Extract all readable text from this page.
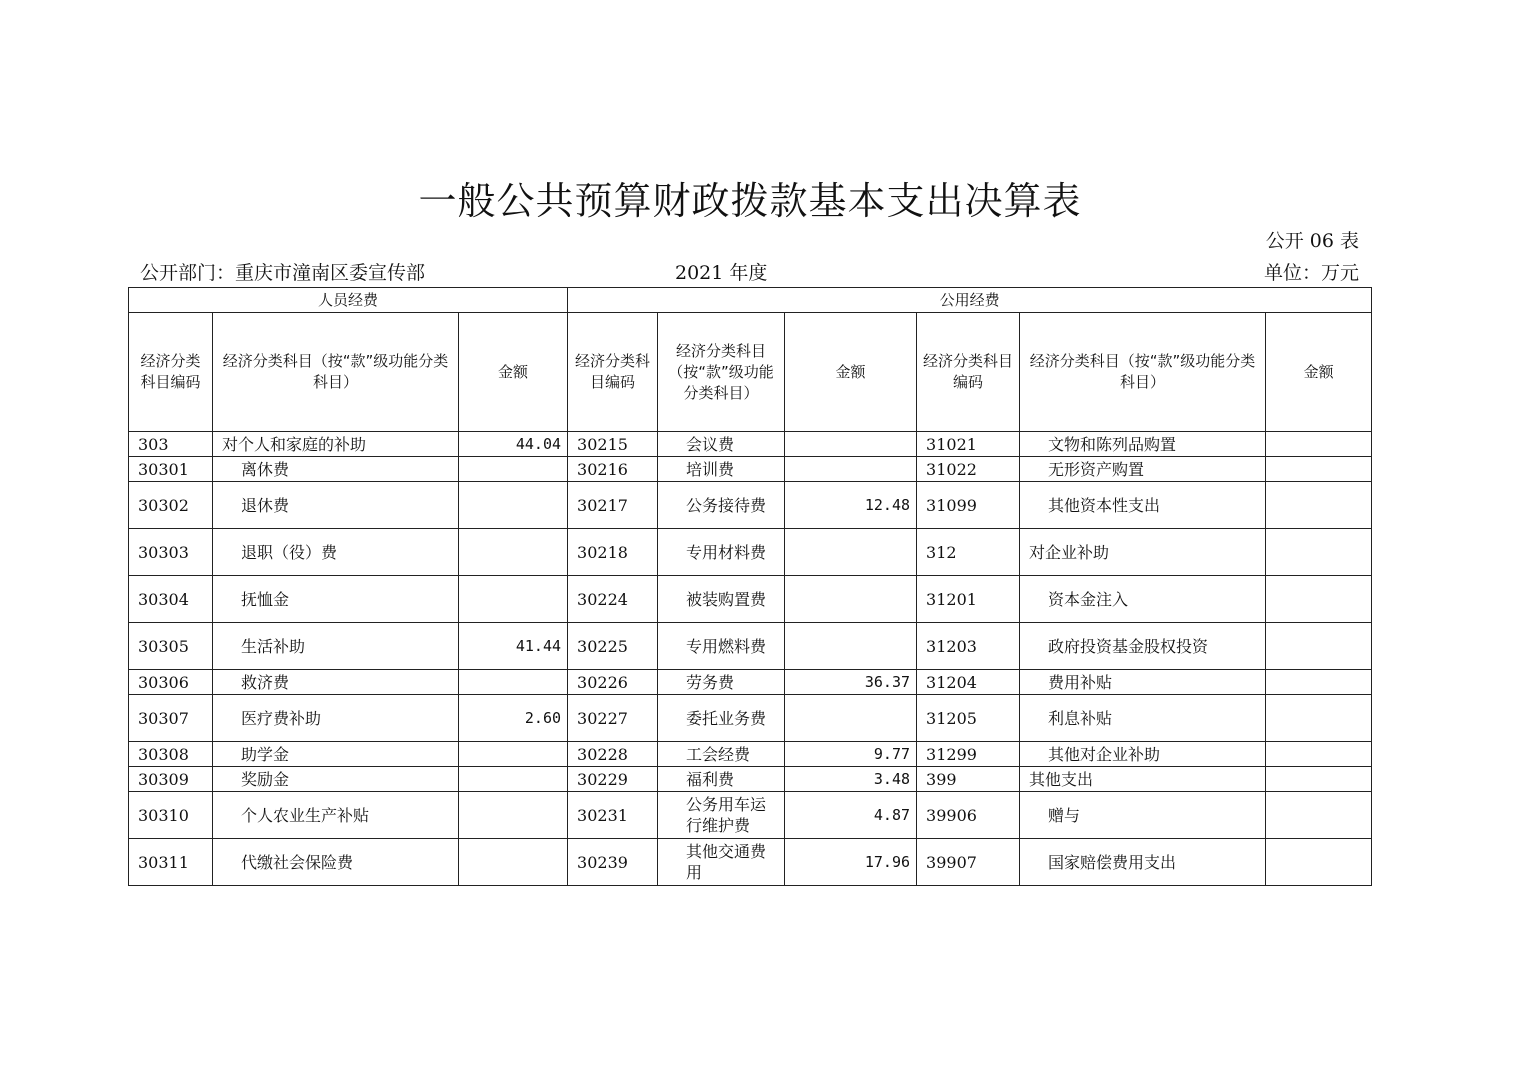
一般公共预算财政拨款基本支出决算表
公开 06 表
公开部门：重庆市潼南区委宣传部	2021 年度	单位：万元
人员经费			公用经费					
经济分类科目编码	经济分类科目（按“款”级功能分类科目）	金额	经济分类科目编码	经济分类科目（按“款”级功能分类科目）	金额	经济分类科目编码	经济分类科目（按“款”级功能分类科目）	金额
303	对个人和家庭的补助	44.04	30215	会议费		31021	文物和陈列品购置	
30301	离休费		30216	培训费		31022	无形资产购置	
30302	退休费		30217	公务接待费	12.48	31099	其他资本性支出	
30303	退职（役）费		30218	专用材料费		312	对企业补助	
30304	抚恤金		30224	被装购置费		31201	资本金注入	
30305	生活补助	41.44	30225	专用燃料费		31203	政府投资基金股权投资	
30306	救济费		30226	劳务费	36.37	31204	费用补贴	
30307	医疗费补助	2.60	30227	委托业务费		31205	利息补贴	
30308	助学金		30228	工会经费	9.77	31299	其他对企业补助	
30309	奖励金		30229	福利费	3.48	399	其他支出	
30310	个人农业生产补贴		30231	公务用车运行维护费	4.87	39906	赠与	
30311	代缴社会保险费		30239	其他交通费用	17.96	39907	国家赔偿费用支出	
